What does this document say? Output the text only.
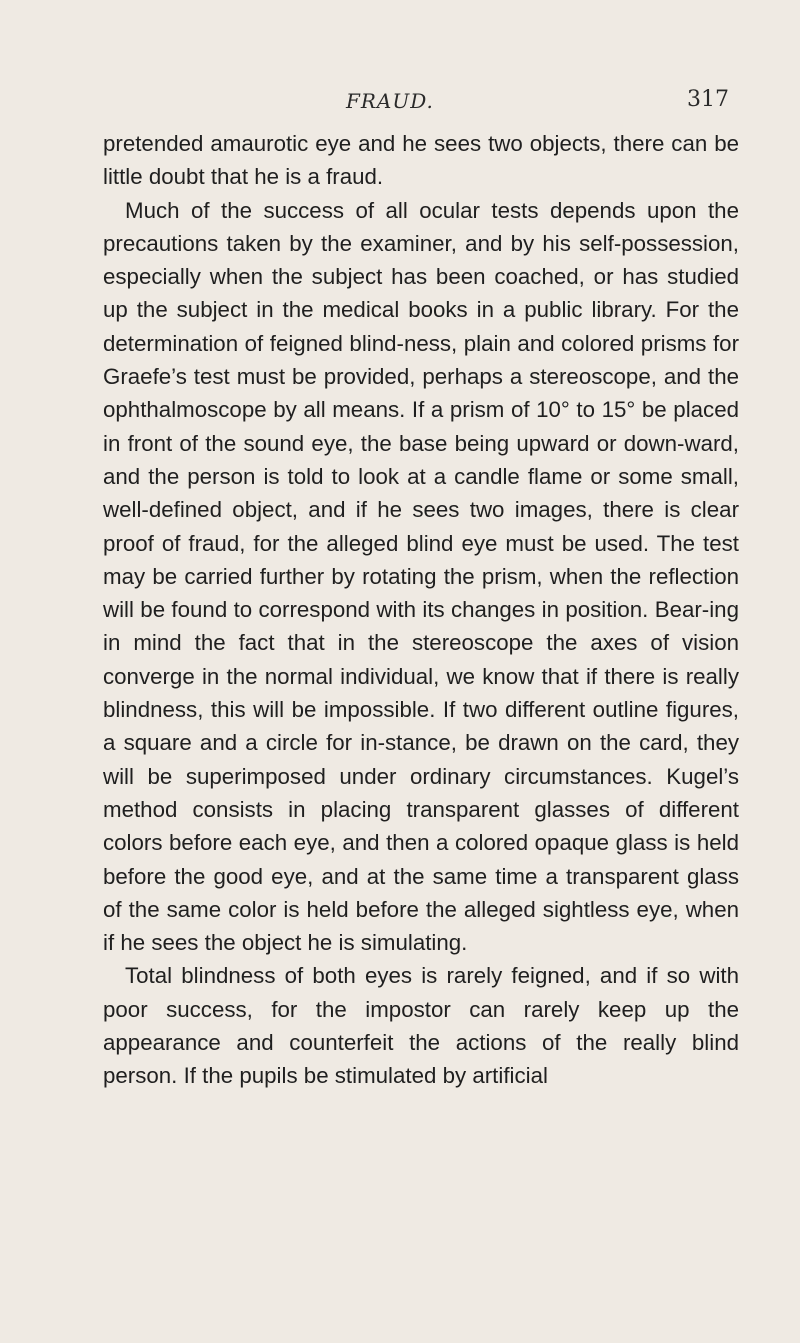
FRAUD.	317

pretended amaurotic eye and he sees two objects, there can be little doubt that he is a fraud.

Much of the success of all ocular tests depends upon the precautions taken by the examiner, and by his self-possession, especially when the subject has been coached, or has studied up the subject in the medical books in a public library. For the determination of feigned blind-ness, plain and colored prisms for Graefe’s test must be provided, perhaps a stereoscope, and the ophthalmoscope by all means. If a prism of 10° to 15° be placed in front of the sound eye, the base being upward or down-ward, and the person is told to look at a candle flame or some small, well-defined object, and if he sees two images, there is clear proof of fraud, for the alleged blind eye must be used. The test may be carried further by rotating the prism, when the reflection will be found to correspond with its changes in position. Bear-ing in mind the fact that in the stereoscope the axes of vision converge in the normal individual, we know that if there is really blindness, this will be impossible. If two different outline figures, a square and a circle for in-stance, be drawn on the card, they will be superimposed under ordinary circumstances. Kugel’s method consists in placing transparent glasses of different colors before each eye, and then a colored opaque glass is held before the good eye, and at the same time a transparent glass of the same color is held before the alleged sightless eye, when if he sees the object he is simulating.

Total blindness of both eyes is rarely feigned, and if so with poor success, for the impostor can rarely keep up the appearance and counterfeit the actions of the really blind person. If the pupils be stimulated by artificial
